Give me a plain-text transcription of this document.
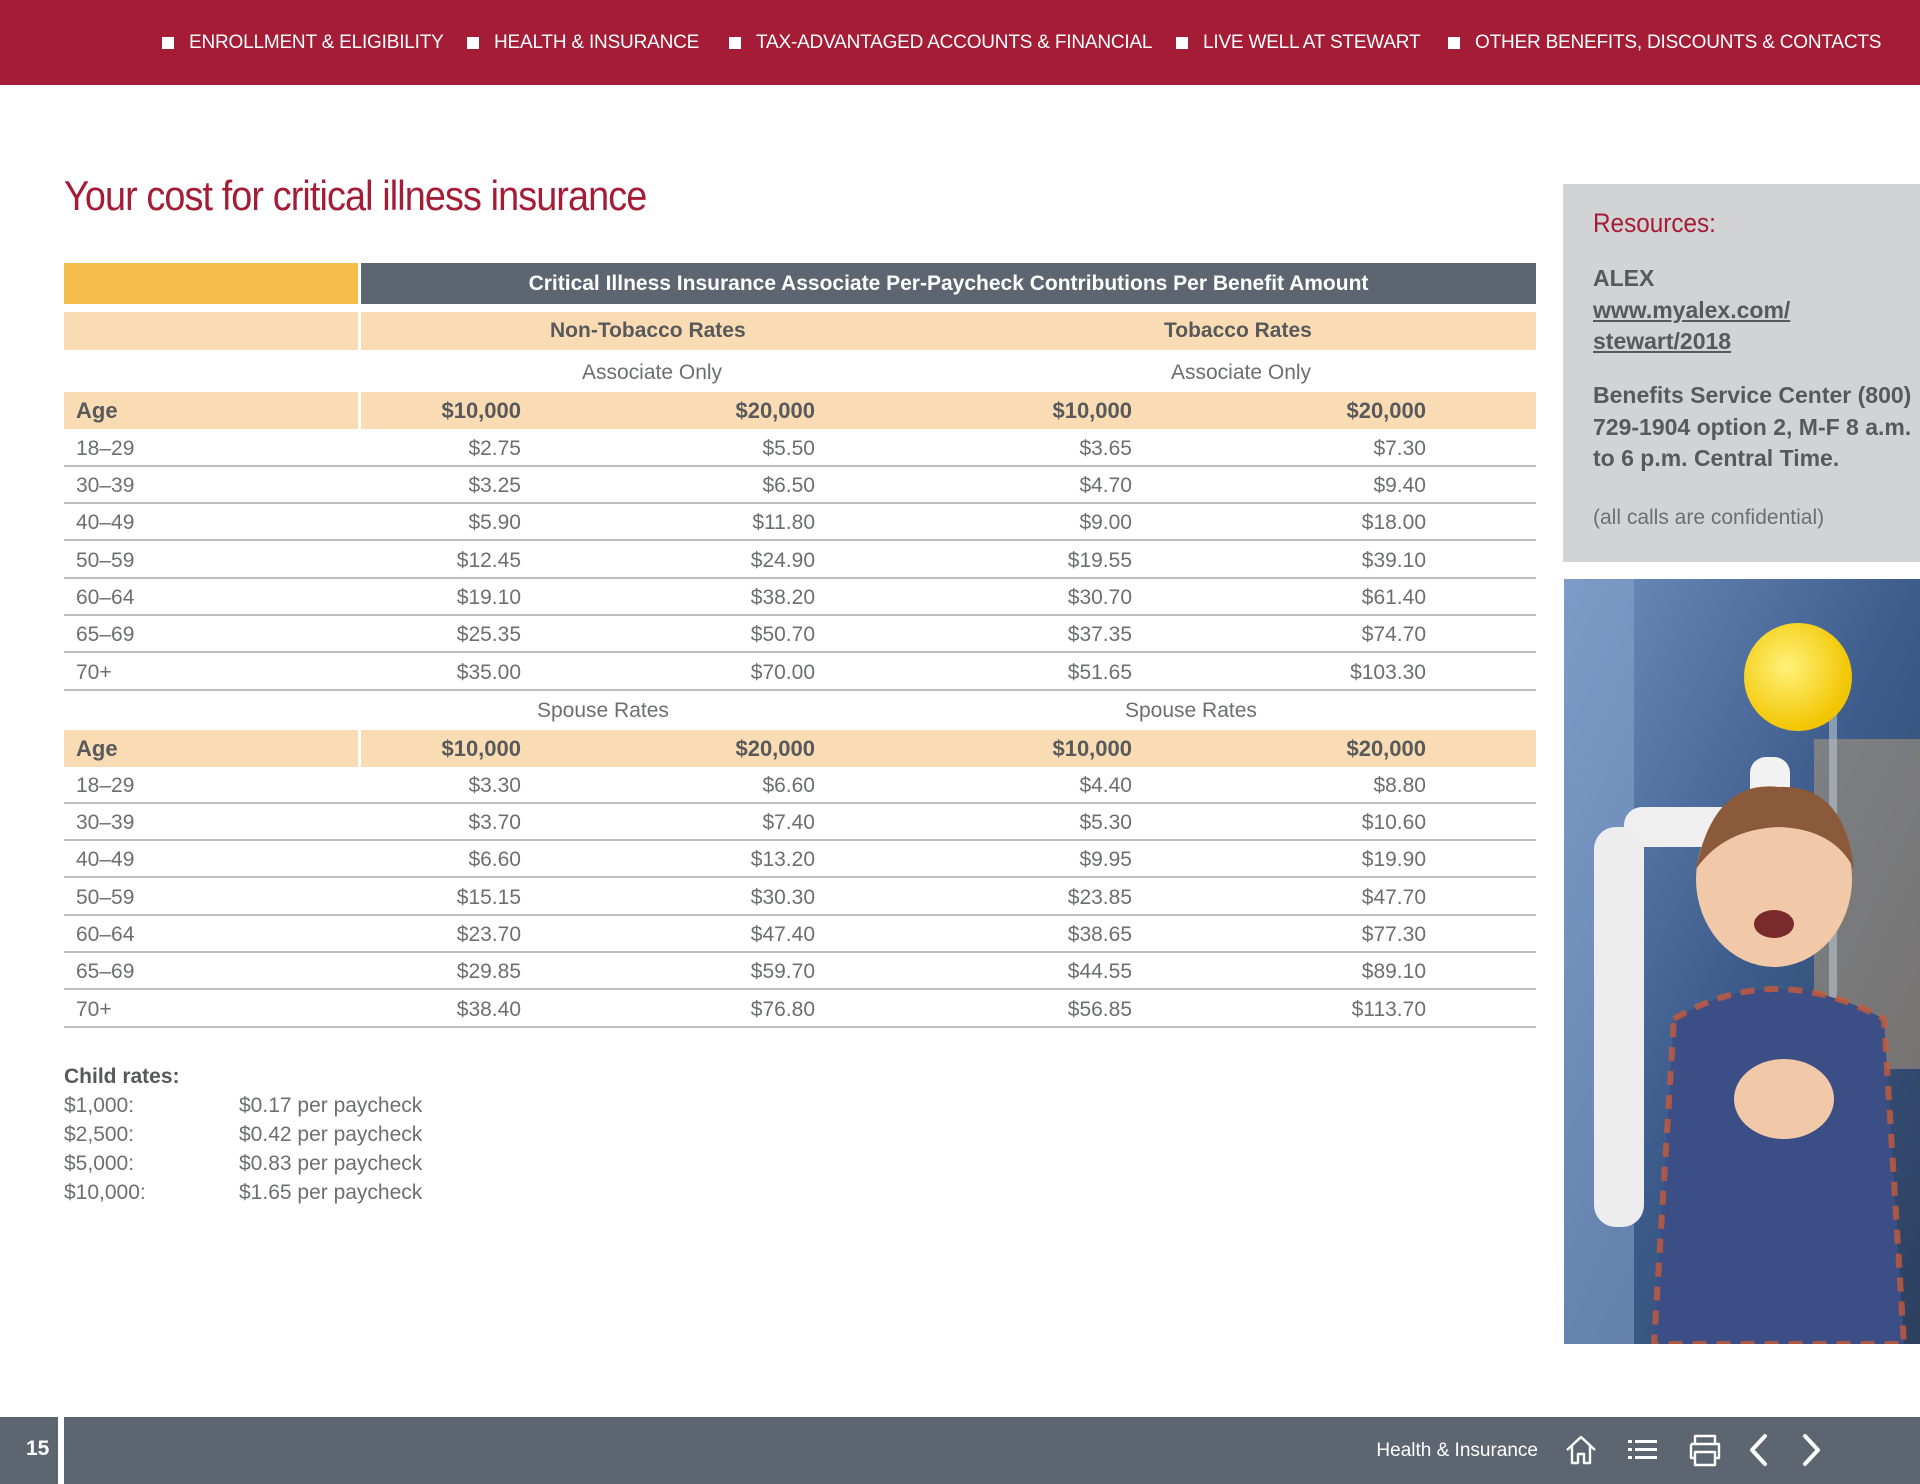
ENROLLMENT & ELIGIBILITY	HEALTH & INSURANCE	TAX-ADVANTAGED ACCOUNTS & FINANCIAL	LIVE WELL AT STEWART	OTHER BENEFITS, DISCOUNTS & CONTACTS
Your cost for critical illness insurance
Critical Illness Insurance Associate Per-Paycheck Contributions Per Benefit Amount
Non-Tobacco Rates	Tobacco Rates
Associate Only	Associate Only
Age	$10,000	$20,000	$10,000	$20,000
18–29	$2.75	$5.50	$3.65	$7.30
30–39	$3.25	$6.50	$4.70	$9.40
40–49	$5.90	$11.80	$9.00	$18.00
50–59	$12.45	$24.90	$19.55	$39.10
60–64	$19.10	$38.20	$30.70	$61.40
65–69	$25.35	$50.70	$37.35	$74.70
70+	$35.00	$70.00	$51.65	$103.30
Spouse Rates	Spouse Rates
Age	$10,000	$20,000	$10,000	$20,000
18–29	$3.30	$6.60	$4.40	$8.80
30–39	$3.70	$7.40	$5.30	$10.60
40–49	$6.60	$13.20	$9.95	$19.90
50–59	$15.15	$30.30	$23.85	$47.70
60–64	$23.70	$47.40	$38.65	$77.30
65–69	$29.85	$59.70	$44.55	$89.10
70+	$38.40	$76.80	$56.85	$113.70
Child rates:
$1,000:	$0.17 per paycheck
$2,500:	$0.42 per paycheck
$5,000:	$0.83 per paycheck
$10,000:	$1.65 per paycheck
Resources:
ALEX
www.myalex.com/ stewart/2018
Benefits Service Center (800) 729-1904 option 2, M-F 8 a.m. to 6 p.m. Central Time.
(all calls are confidential)
15	Health & Insurance
